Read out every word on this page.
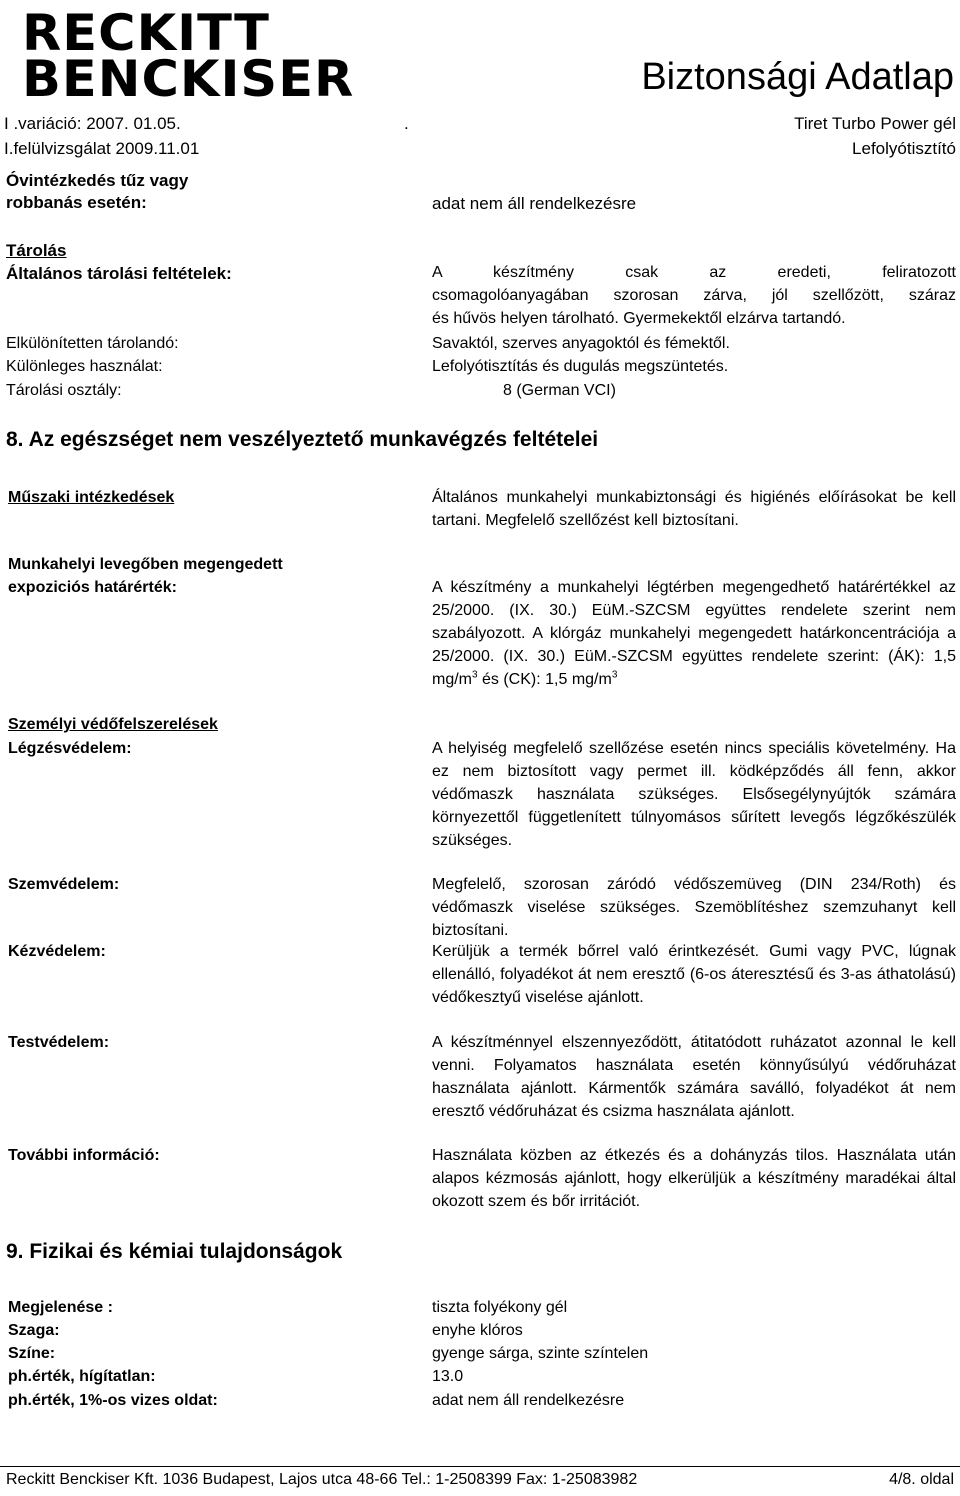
RECKITT
BENCKISER	Biztonsági Adatlap
I .variáció: 2007. 01.05.	.	Tiret Turbo Power gél
I.felülvizsgálat 2009.11.01	Lefolyótisztító
Óvintézkedés tűz vagy
robbanás esetén:	adat nem áll rendelkezésre
Tárolás
Általános tárolási feltételek:	A készítmény csak az eredeti, feliratozott
csomagolóanyagában szorosan zárva, jól szellőzött, száraz
és hűvös helyen tárolható. Gyermekektől elzárva tartandó.
Elkülönítetten tárolandó:	Savaktól, szerves anyagoktól és fémektől.
Különleges használat:	Lefolyótisztítás és dugulás megszüntetés.
Tárolási osztály:	8 (German VCI)
8. Az egészséget nem veszélyeztető munkavégzés feltételei
Műszaki intézkedések	Általános munkahelyi munkabiztonsági és higiénés előírásokat be kell tartani. Megfelelő szellőzést kell biztosítani.
Munkahelyi levegőben megengedett
expoziciós határérték:	A készítmény a munkahelyi légtérben megengedhető határértékkel az 25/2000. (IX. 30.) EüM.-SZCSM együttes rendelete szerint nem szabályozott. A klórgáz munkahelyi megengedett határkoncentrációja a 25/2000. (IX. 30.) EüM.-SZCSM együttes rendelete szerint: (ÁK): 1,5 $mg/m^3$ és (CK): 1,5 $mg/m^3$
Személyi védőfelszerelések
Légzésvédelem:	A helyiség megfelelő szellőzése esetén nincs speciális követelmény. Ha ez nem biztosított vagy permet ill. ködképződés áll fenn, akkor védőmaszk használata szükséges. Elsősegélynyújtók számára környezettől függetlenített túlnyomásos sűrített levegős légzőkészülék szükséges.
Szemvédelem:	Megfelelő, szorosan záródó védőszemüveg (DIN 234/Roth) és védőmaszk viselése szükséges. Szemöblítéshez szemzuhanyt kell biztosítani.
Kézvédelem:	Kerüljük a termék bőrrel való érintkezését. Gumi vagy PVC, lúgnak ellenálló, folyadékot át nem eresztő (6-os áteresztésű és 3-as áthatolású) védőkesztyű viselése ajánlott.
Testvédelem:	A készítménnyel elszennyeződött, átitatódott ruházatot azonnal le kell venni. Folyamatos használata esetén könnyűsúlyú védőruházat használata ajánlott. Kármentők számára saválló, folyadékot át nem eresztő védőruházat és csizma használata ajánlott.
További információ:	Használata közben az étkezés és a dohányzás tilos. Használata után alapos kézmosás ajánlott, hogy elkerüljük a készítmény maradékai által okozott szem és bőr irritációt.
9. Fizikai és kémiai tulajdonságok
Megjelenése :	tiszta folyékony gél
Szaga:	enyhe klóros
Színe:	gyenge sárga, szinte színtelen
ph.érték, hígítatlan:	13.0
ph.érték, 1%-os vizes oldat:	adat nem áll rendelkezésre
Reckitt Benckiser Kft. 1036 Budapest, Lajos utca 48-66 Tel.: 1-2508399 Fax: 1-25083982	4/8. oldal
